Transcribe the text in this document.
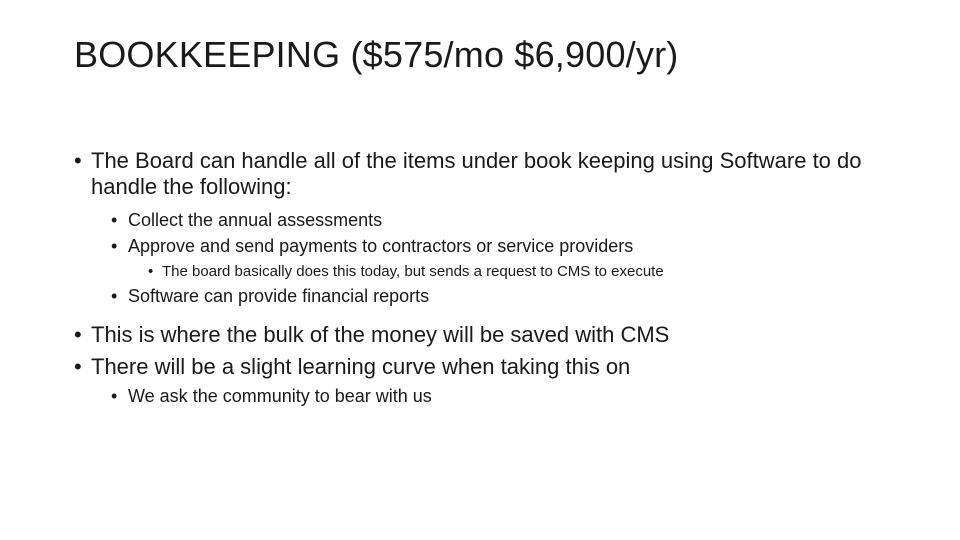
BOOKKEEPING ($575/mo $6,900/yr)
• The Board can handle all of the items under book keeping using Software to do handle the following:
• Collect the annual assessments
• Approve and send payments to contractors or service providers
• The board basically does this today, but sends a request to CMS to execute
• Software can provide financial reports
• This is where the bulk of the money will be saved with CMS
• There will be a slight learning curve when taking this on
• We ask the community to bear with us
